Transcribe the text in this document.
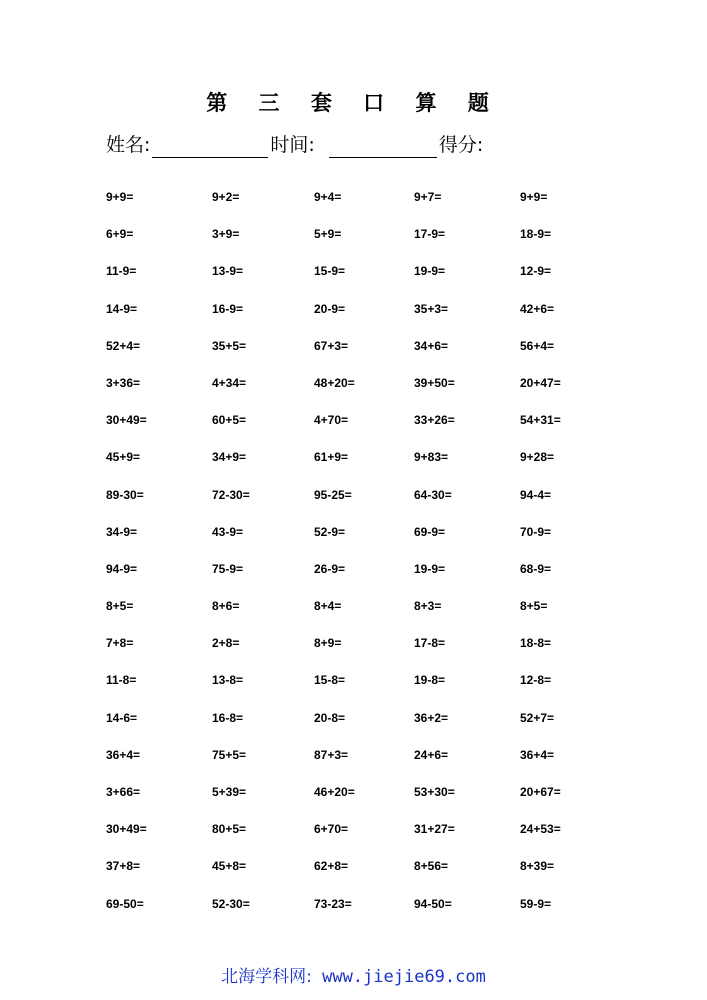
第 三 套 口 算 题
姓名:	时间:	得分:
9+9=	9+2=	9+4=	9+7=	9+9=
6+9=	3+9=	5+9=	17-9=	18-9=
11-9=	13-9=	15-9=	19-9=	12-9=
14-9=	16-9=	20-9=	35+3=	42+6=
52+4=	35+5=	67+3=	34+6=	56+4=
3+36=	4+34=	48+20=	39+50=	20+47=
30+49=	60+5=	4+70=	33+26=	54+31=
45+9=	34+9=	61+9=	9+83=	9+28=
89-30=	72-30=	95-25=	64-30=	94-4=
34-9=	43-9=	52-9=	69-9=	70-9=
94-9=	75-9=	26-9=	19-9=	68-9=
8+5=	8+6=	8+4=	8+3=	8+5=
7+8=	2+8=	8+9=	17-8=	18-8=
11-8=	13-8=	15-8=	19-8=	12-8=
14-6=	16-8=	20-8=	36+2=	52+7=
36+4=	75+5=	87+3=	24+6=	36+4=
3+66=	5+39=	46+20=	53+30=	20+67=
30+49=	80+5=	6+70=	31+27=	24+53=
37+8=	45+8=	62+8=	8+56=	8+39=
69-50=	52-30=	73-23=	94-50=	59-9=
北海学科网: www.jiejie69.com
